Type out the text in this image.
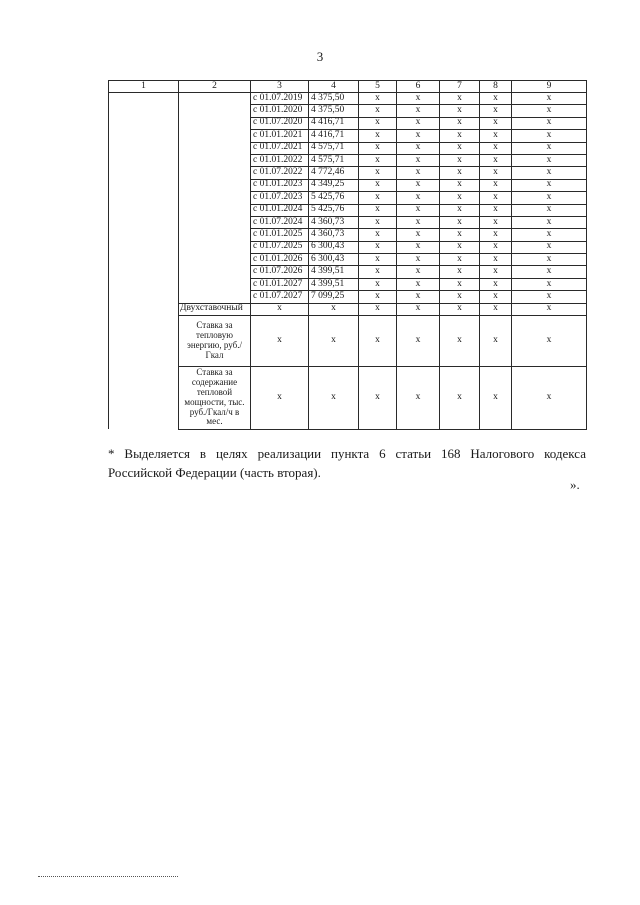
3
1	2	3	4	5	6	7	8	9
		с 01.07.2019	4 375,50	x	x	x	x	x
		с 01.01.2020	4 375,50	x	x	x	x	x
		с 01.07.2020	4 416,71	x	x	x	x	x
		с 01.01.2021	4 416,71	x	x	x	x	x
		с 01.07.2021	4 575,71	x	x	x	x	x
		с 01.01.2022	4 575,71	x	x	x	x	x
		с 01.07.2022	4 772,46	x	x	x	x	x
		с 01.01.2023	4 349,25	x	x	x	x	x
		с 01.07.2023	5 425,76	x	x	x	x	x
		с 01.01.2024	5 425,76	x	x	x	x	x
		с 01.07.2024	4 360,73	x	x	x	x	x
		с 01.01.2025	4 360,73	x	x	x	x	x
		с 01.07.2025	6 300,43	x	x	x	x	x
		с 01.01.2026	6 300,43	x	x	x	x	x
		с 01.07.2026	4 399,51	x	x	x	x	x
		с 01.01.2027	4 399,51	x	x	x	x	x
		с 01.07.2027	7 099,25	x	x	x	x	x
	Двухставочный	x	x	x	x	x	x	x
	Ставка за тепловую энергию, руб./Гкал	x	x	x	x	x	x	x
	Ставка за содержание тепловой мощности, тыс. руб./Гкал/ч в мес.	x	x	x	x	x	x	x
* Выделяется в целях реализации пункта 6 статьи 168 Налогового кодекса Российской Федерации (часть вторая).
».
